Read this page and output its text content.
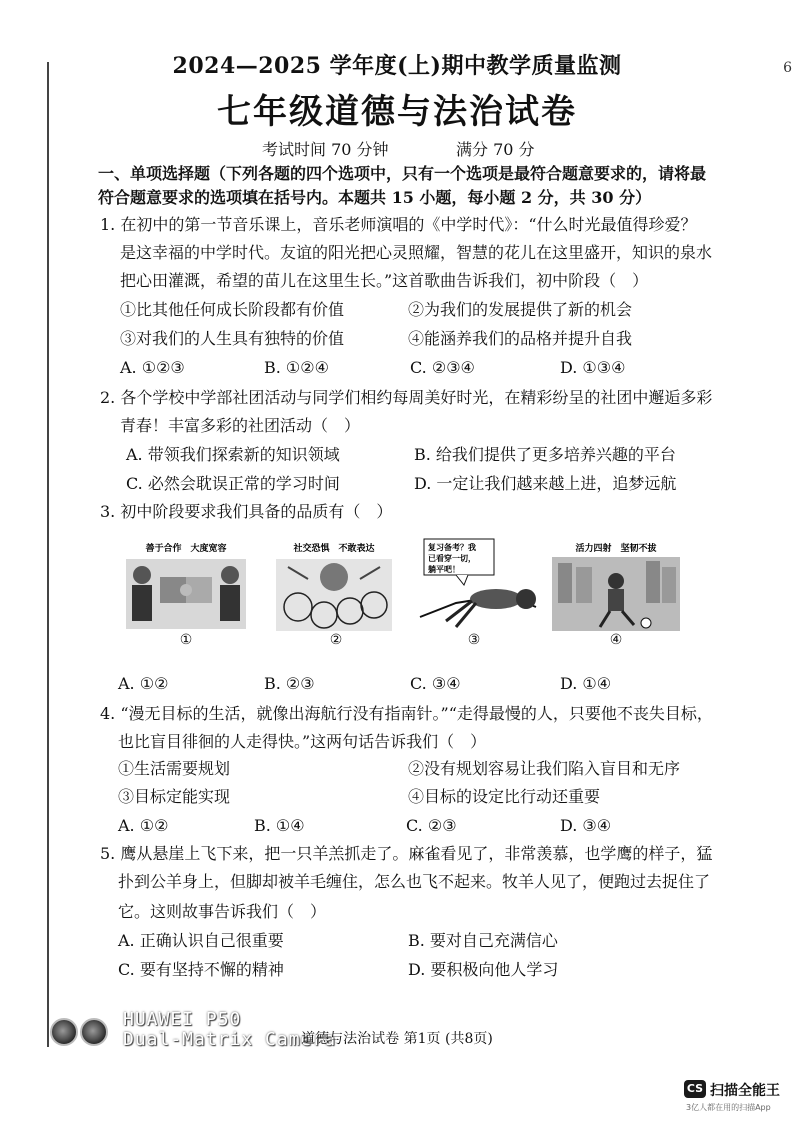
6
2024—2025 学年度(上)期中教学质量监测
七年级道德与法治试卷
考试时间 70 分钟	满分 70 分
一、单项选择题（下列各题的四个选项中，只有一个选项是最符合题意要求的，请将最
符合题意要求的选项填在括号内。本题共 15 小题，每小题 2 分，共 30 分）
1. 在初中的第一节音乐课上，音乐老师演唱的《中学时代》：“什么时光最值得珍爱？
是这幸福的中学时代。友谊的阳光把心灵照耀，智慧的花儿在这里盛开，知识的泉水
把心田灌溉，希望的苗儿在这里生长。”这首歌曲告诉我们，初中阶段（　）
①比其他任何成长阶段都有价值	②为我们的发展提供了新的机会
③对我们的人生具有独特的价值	④能涵养我们的品格并提升自我
A. ①②③	B. ①②④	C. ②③④	D. ①③④
2. 各个学校中学部社团活动与同学们相约每周美好时光，在精彩纷呈的社团中邂逅多彩
青春！丰富多彩的社团活动（　）
A. 带领我们探索新的知识领域	B. 给我们提供了更多培养兴趣的平台
C. 必然会耽误正常的学习时间	D. 一定让我们越来越上进，追梦远航
3. 初中阶段要求我们具备的品质有（　）
善于合作　大度宽容
①
社交恐惧　不敢表达
②
复习备考？我
已看穿一切，
躺平吧！
③
活力四射　坚韧不拔
④
A. ①②	B. ②③	C. ③④	D. ①④
4. “漫无目标的生活，就像出海航行没有指南针。”“走得最慢的人，只要他不丧失目标，
也比盲目徘徊的人走得快。”这两句话告诉我们（　）
①生活需要规划	②没有规划容易让我们陷入盲目和无序
③目标定能实现	④目标的设定比行动还重要
A. ①②	B. ①④	C. ②③	D. ③④
5. 鹰从悬崖上飞下来，把一只羊羔抓走了。麻雀看见了，非常羡慕，也学鹰的样子，猛
扑到公羊身上，但脚却被羊毛缠住，怎么也飞不起来。牧羊人见了，便跑过去捉住了
它。这则故事告诉我们（　）
A. 正确认识自己很重要	B. 要对自己充满信心
C. 要有坚持不懈的精神	D. 要积极向他人学习
HUAWEI P50
Dual-Matrix Camera
道德与法治试卷 第1页 (共8页)
CS 扫描全能王
3亿人都在用的扫描App
